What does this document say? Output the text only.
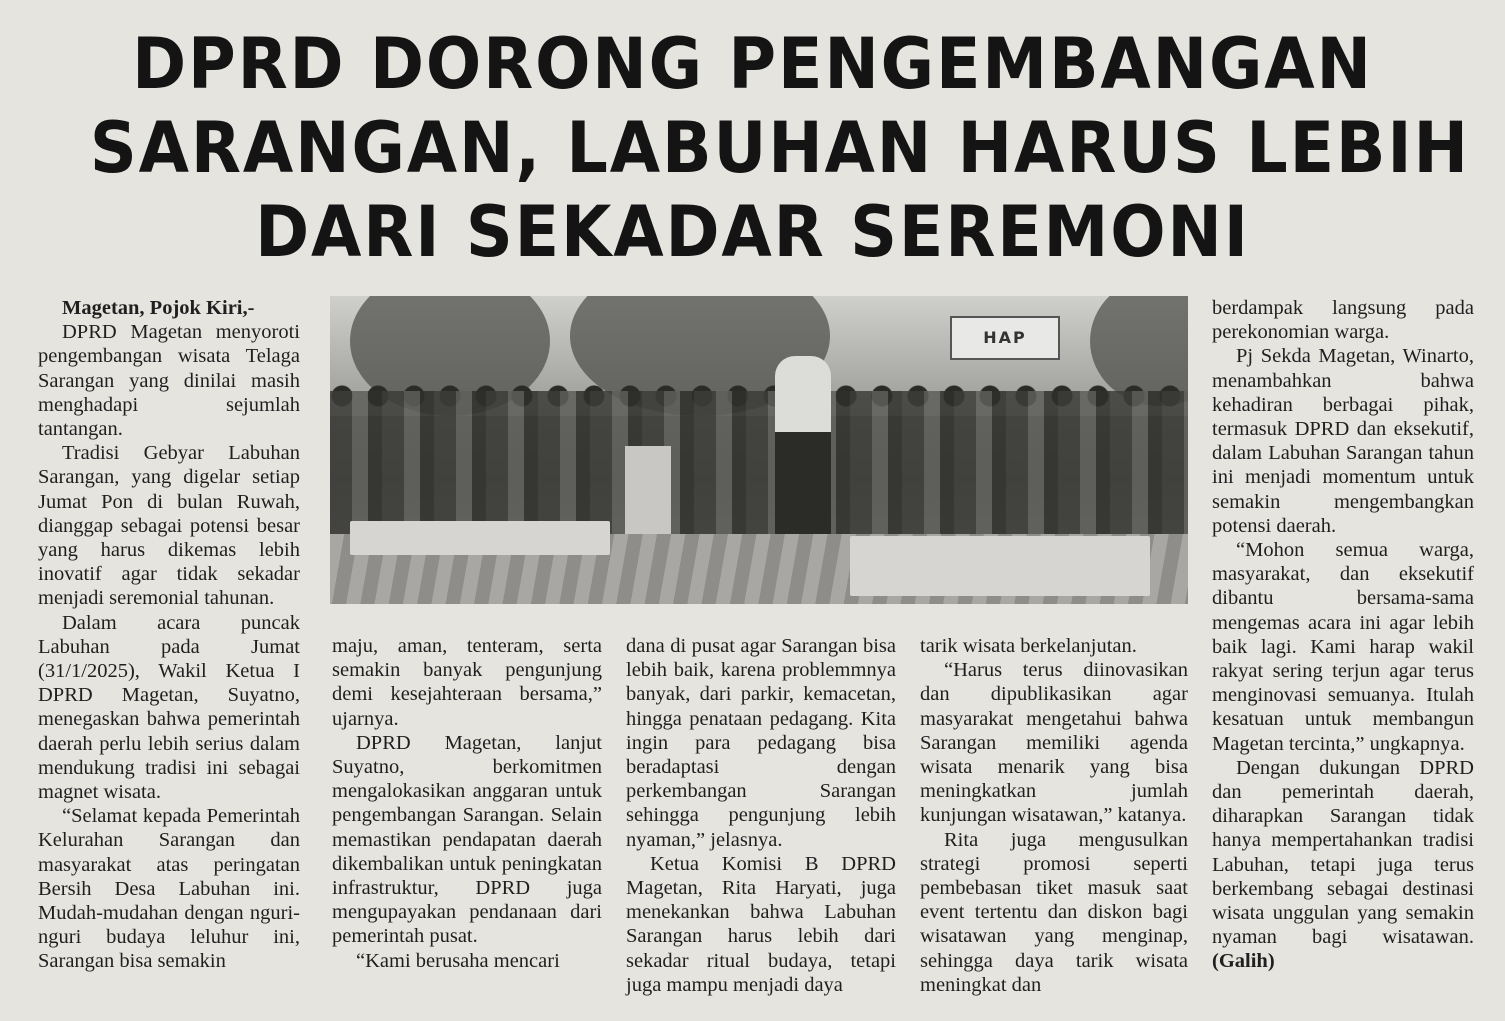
DPRD DORONG PENGEMBANGAN
SARANGAN, LABUHAN HARUS LEBIH
DARI SEKADAR SEREMONI

Magetan, Pojok Kiri,-

DPRD Magetan menyoroti pengembangan wisata Telaga Sarangan yang dinilai masih menghadapi sejumlah tantangan.

Tradisi Gebyar Labuhan Sarangan, yang digelar setiap Jumat Pon di bulan Ruwah, dianggap sebagai potensi besar yang harus dikemas lebih inovatif agar tidak sekadar menjadi seremonial tahunan.

Dalam acara puncak Labuhan pada Jumat (31/1/2025), Wakil Ketua I DPRD Magetan, Suyatno, menegaskan bahwa pemerintah daerah perlu lebih serius dalam mendukung tradisi ini sebagai magnet wisata.

“Selamat kepada Pemerintah Kelurahan Sarangan dan masyarakat atas peringatan Bersih Desa Labuhan ini. Mudah-mudahan dengan nguri-nguri budaya leluhur ini, Sarangan bisa semakin

HAP

maju, aman, tenteram, serta semakin banyak pengunjung demi kesejahteraan bersama,” ujarnya.

DPRD Magetan, lanjut Suyatno, berkomitmen mengalokasikan anggaran untuk pengembangan Sarangan. Selain memastikan pendapatan daerah dikembalikan untuk peningkatan infrastruktur, DPRD juga mengupayakan pendanaan dari pemerintah pusat.

“Kami berusaha mencari

dana di pusat agar Sarangan bisa lebih baik, karena problemmnya banyak, dari parkir, kemacetan, hingga penataan pedagang. Kita ingin para pedagang bisa beradaptasi dengan perkembangan Sarangan sehingga pengunjung lebih nyaman,” jelasnya.

Ketua Komisi B DPRD Magetan, Rita Haryati, juga menekankan bahwa Labuhan Sarangan harus lebih dari sekadar ritual budaya, tetapi juga mampu menjadi daya

tarik wisata berkelanjutan.

“Harus terus diinovasikan dan dipublikasikan agar masyarakat mengetahui bahwa Sarangan memiliki agenda wisata menarik yang bisa meningkatkan jumlah kunjungan wisatawan,” katanya.

Rita juga mengusulkan strategi promosi seperti pembebasan tiket masuk saat event tertentu dan diskon bagi wisatawan yang menginap, sehingga daya tarik wisata meningkat dan

berdampak langsung pada perekonomian warga.

Pj Sekda Magetan, Winarto, menambahkan bahwa kehadiran berbagai pihak, termasuk DPRD dan eksekutif, dalam Labuhan Sarangan tahun ini menjadi momentum untuk semakin mengembangkan potensi daerah.

“Mohon semua warga, masyarakat, dan eksekutif dibantu bersama-sama mengemas acara ini agar lebih baik lagi. Kami harap wakil rakyat sering terjun agar terus menginovasi semuanya. Itulah kesatuan untuk membangun Magetan tercinta,” ungkapnya.

Dengan dukungan DPRD dan pemerintah daerah, diharapkan Sarangan tidak hanya mempertahankan tradisi Labuhan, tetapi juga terus berkembang sebagai destinasi wisata unggulan yang semakin nyaman bagi wisatawan. (Galih)
